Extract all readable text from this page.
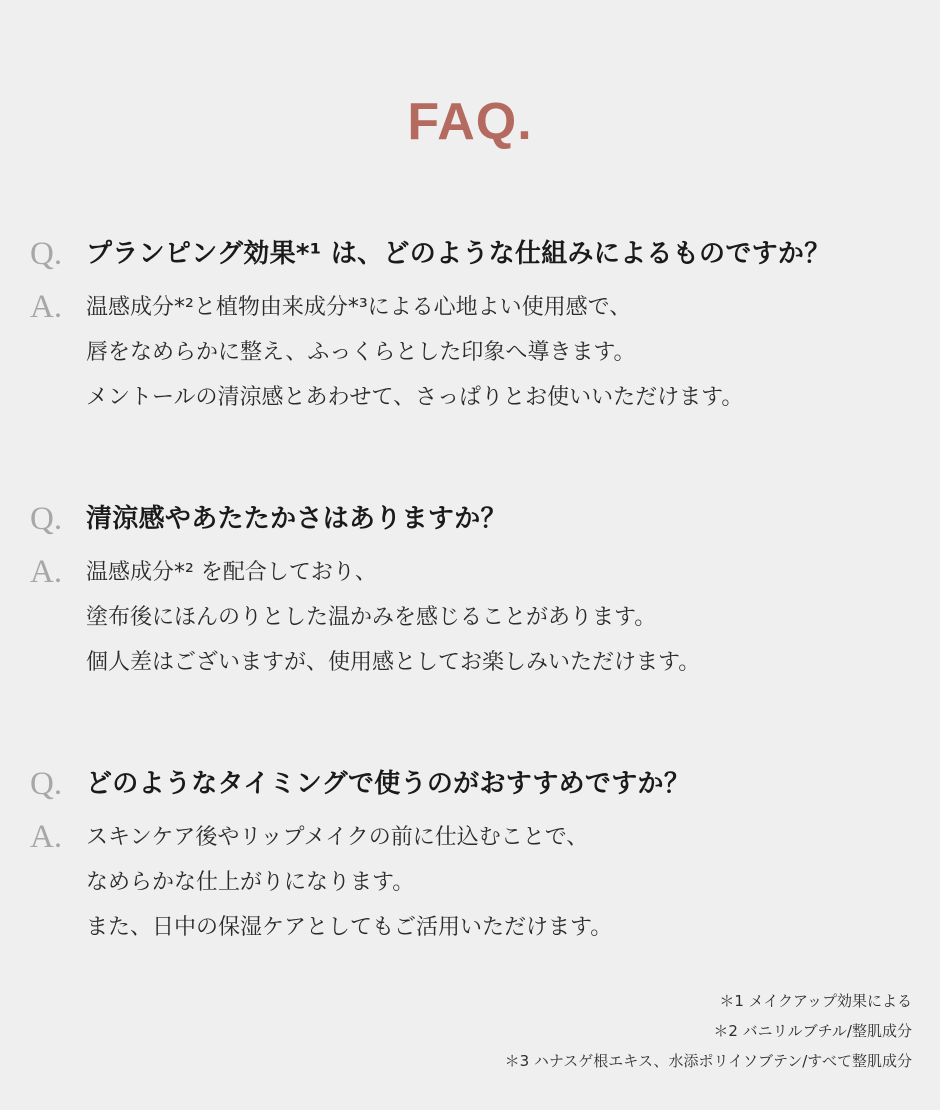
FAQ.
Q. プランピング効果*¹ は、どのような仕組みによるものですか？
A.	温感成分*²と植物由来成分*³による心地よい使用感で、
唇をなめらかに整え、ふっくらとした印象へ導きます。
メントールの清涼感とあわせて、さっぱりとお使いいただけます。
Q. 清涼感やあたたかさはありますか？
A.	温感成分*² を配合しており、
塗布後にほんのりとした温かみを感じることがあります。
個人差はございますが、使用感としてお楽しみいただけます。
Q. どのようなタイミングで使うのがおすすめですか？
A.	スキンケア後やリップメイクの前に仕込むことで、
なめらかな仕上がりになります。
また、日中の保湿ケアとしてもご活用いただけます。
＊1 メイクアップ効果による
＊2 バニリルブチル/整肌成分
＊3 ハナスゲ根エキス、水添ポリイソブテン/すべて整肌成分
